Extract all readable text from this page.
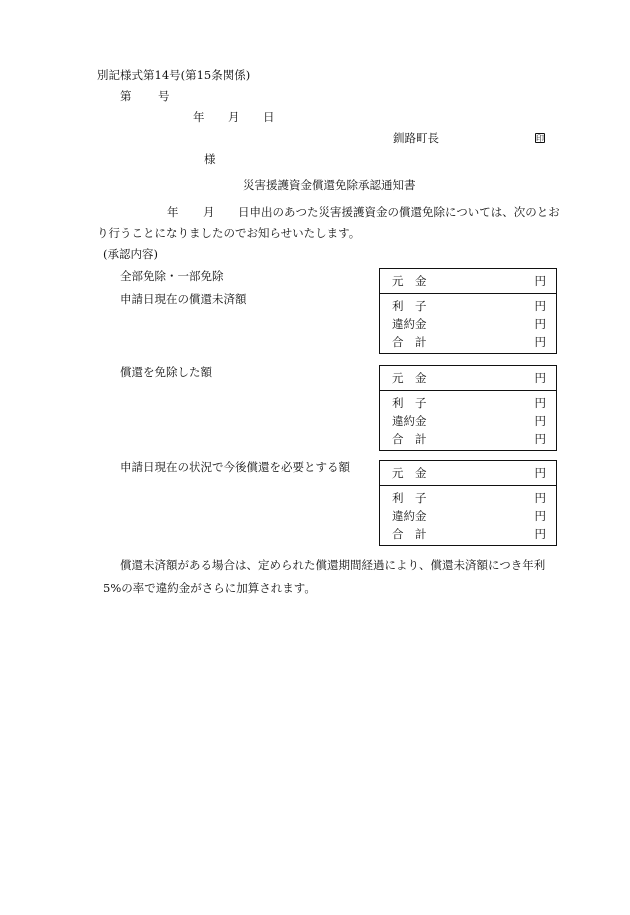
別記様式第14号(第15条関係)
第 号
年 月 日
釧路町長	印
様
災害援護資金償還免除承認通知書
年 月 日申出のあつた災害援護資金の償還免除については、次のとお
り行うことになりましたのでお知らせいたします。
(承認内容)
全部免除・一部免除
申請日現在の償還未済額
償還を免除した額
申請日現在の状況で今後償還を必要とする額
元　金	円
利　子	円
違約金	円
合　計	円
元　金	円
利　子	円
違約金	円
合　計	円
元　金	円
利　子	円
違約金	円
合　計	円
償還未済額がある場合は、定められた償還期間経過により、償還未済額につき年利
5%の率で違約金がさらに加算されます。
